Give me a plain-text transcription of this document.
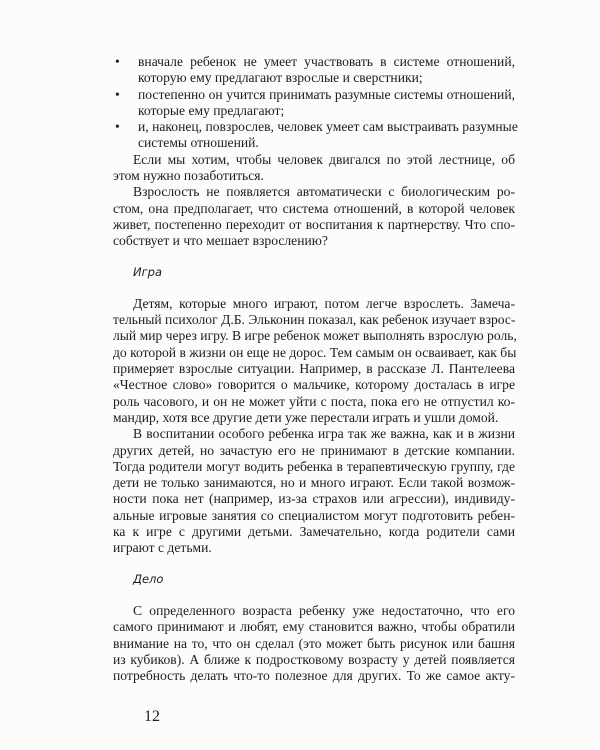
•	вначале ребенок не умеет участвовать в системе отношений,
которую ему предлагают взрослые и сверстники;
•	постепенно он учится принимать разумные системы отношений,
которые ему предлагают;
•	и, наконец, повзрослев, человек умеет сам выстраивать разумные
системы отношений.
Если мы хотим, чтобы человек двигался по этой лестнице, об
этом нужно позаботиться.
Взрослость не появляется автоматически с биологическим ро-
стом, она предполагает, что система отношений, в которой человек
живет, постепенно переходит от воспитания к партнерству. Что спо-
собствует и что мешает взрослению?
Игра
Детям, которые много играют, потом легче взрослеть. Замеча-
тельный психолог Д.Б. Эльконин показал, как ребенок изучает взрос-
лый мир через игру. В игре ребенок может выполнять взрослую роль,
до которой в жизни он еще не дорос. Тем самым он осваивает, как бы
примеряет взрослые ситуации. Например, в рассказе Л. Пантелеева
«Честное слово» говорится о мальчике, которому досталась в игре
роль часового, и он не может уйти с поста, пока его не отпустил ко-
мандир, хотя все другие дети уже перестали играть и ушли домой.
В воспитании особого ребенка игра так же важна, как и в жизни
других детей, но зачастую его не принимают в детские компании.
Тогда родители могут водить ребенка в терапевтическую группу, где
дети не только занимаются, но и много играют. Если такой возмож-
ности пока нет (например, из-за страхов или агрессии), индивиду-
альные игровые занятия со специалистом могут подготовить ребен-
ка к игре с другими детьми. Замечательно, когда родители сами
играют с детьми.
Дело
С определенного возраста ребенку уже недостаточно, что его
самого принимают и любят, ему становится важно, чтобы обратили
внимание на то, что он сделал (это может быть рисунок или башня
из кубиков). А ближе к подростковому возрасту у детей появляется
потребность делать что-то полезное для других. То же самое акту-
12
